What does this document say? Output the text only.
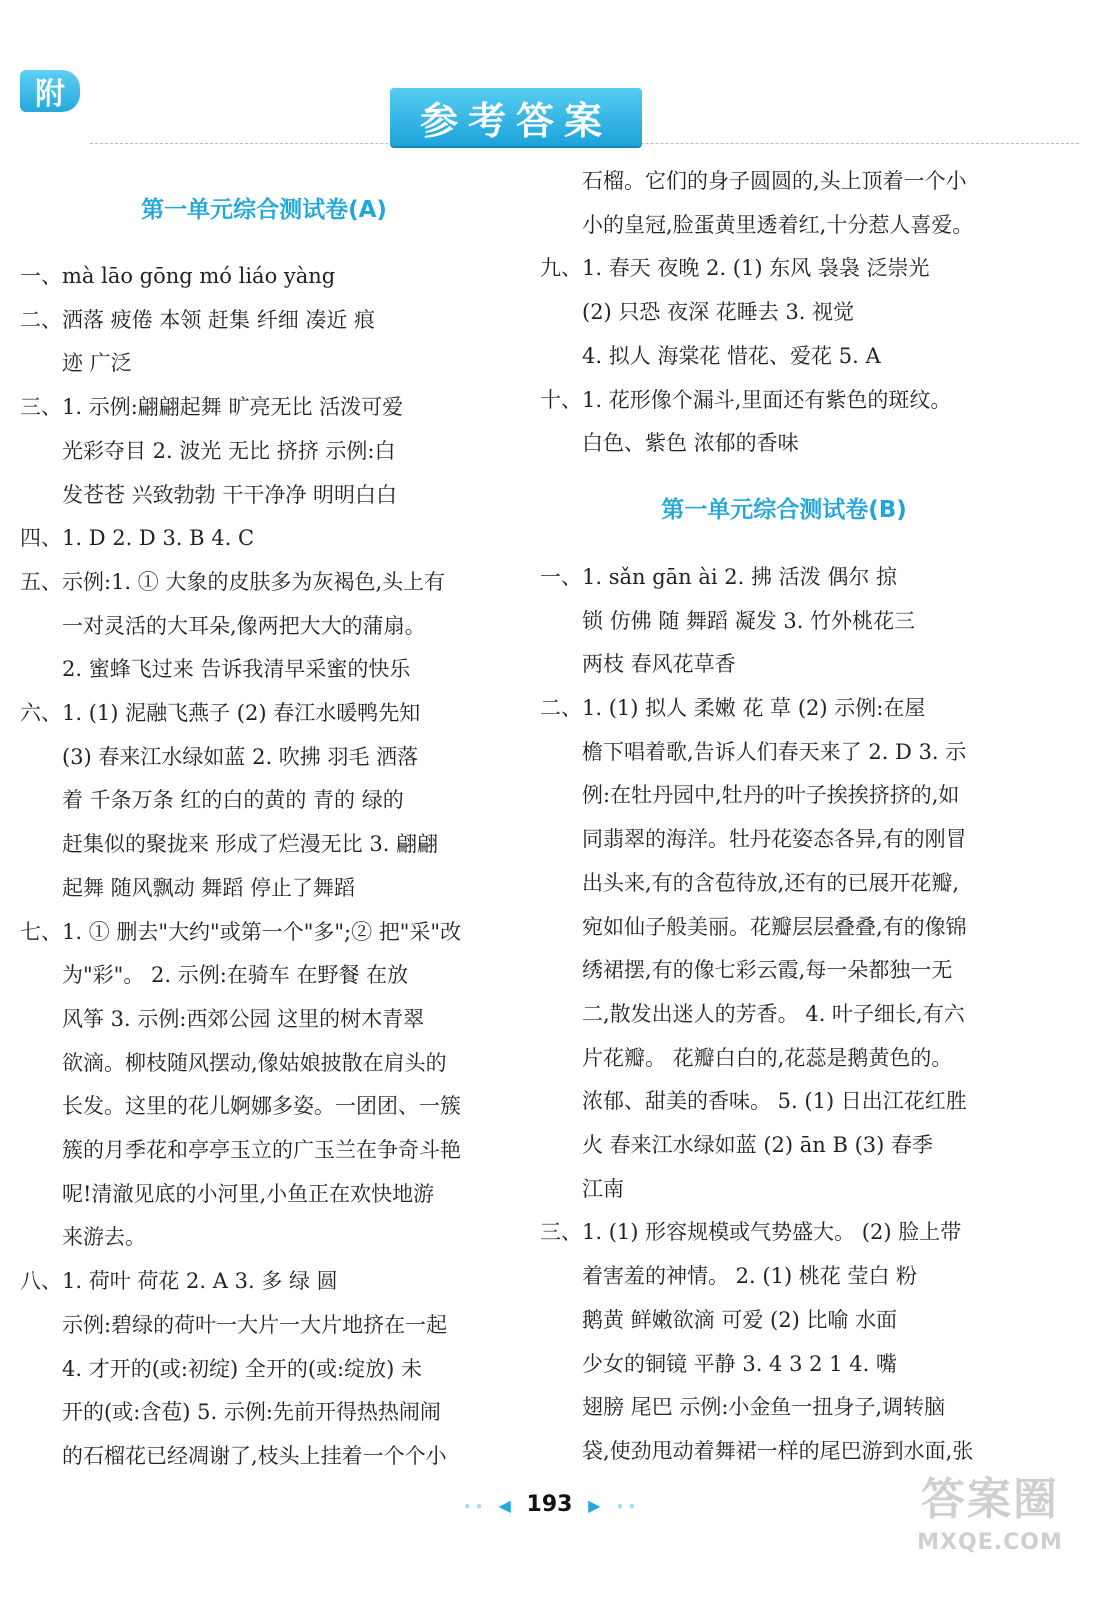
附
参考答案
第一单元综合测试卷(A)
一、mà lāo gōng mó liáo yàng
二、洒落 疲倦 本领 赶集 纤细 凑近 痕
迹 广泛
三、1. 示例:翩翩起舞 旷亮无比 活泼可爱
光彩夺目 2. 波光 无比 挤挤 示例:白
发苍苍 兴致勃勃 干干净净 明明白白
四、1. D 2. D 3. B 4. C
五、示例:1. ① 大象的皮肤多为灰褐色,头上有
一对灵活的大耳朵,像两把大大的蒲扇。
2. 蜜蜂飞过来 告诉我清早采蜜的快乐
六、1. (1) 泥融飞燕子 (2) 春江水暖鸭先知
(3) 春来江水绿如蓝 2. 吹拂 羽毛 洒落
着 千条万条 红的白的黄的 青的 绿的
赶集似的聚拢来 形成了烂漫无比 3. 翩翩
起舞 随风飘动 舞蹈 停止了舞蹈
七、1. ① 删去"大约"或第一个"多";② 把"采"改
为"彩"。 2. 示例:在骑车 在野餐 在放
风筝 3. 示例:西郊公园 这里的树木青翠
欲滴。柳枝随风摆动,像姑娘披散在肩头的
长发。这里的花儿婀娜多姿。一团团、一簇
簇的月季花和亭亭玉立的广玉兰在争奇斗艳
呢!清澈见底的小河里,小鱼正在欢快地游
来游去。
八、1. 荷叶 荷花 2. A 3. 多 绿 圆
示例:碧绿的荷叶一大片一大片地挤在一起
4. 才开的(或:初绽) 全开的(或:绽放) 未
开的(或:含苞) 5. 示例:先前开得热热闹闹
的石榴花已经凋谢了,枝头上挂着一个个小
石榴。它们的身子圆圆的,头上顶着一个小
小的皇冠,脸蛋黄里透着红,十分惹人喜爱。
九、1. 春天 夜晚 2. (1) 东风 袅袅 泛崇光
(2) 只恐 夜深 花睡去 3. 视觉
4. 拟人 海棠花 惜花、爱花 5. A
十、1. 花形像个漏斗,里面还有紫色的斑纹。
白色、紫色 浓郁的香味
第一单元综合测试卷(B)
一、1. sǎn gān ài 2. 拂 活泼 偶尔 掠
锁 仿佛 随 舞蹈 凝发 3. 竹外桃花三
两枝 春风花草香
二、1. (1) 拟人 柔嫩 花 草 (2) 示例:在屋
檐下唱着歌,告诉人们春天来了 2. D 3. 示
例:在牡丹园中,牡丹的叶子挨挨挤挤的,如
同翡翠的海洋。牡丹花姿态各异,有的刚冒
出头来,有的含苞待放,还有的已展开花瓣,
宛如仙子般美丽。花瓣层层叠叠,有的像锦
绣裙摆,有的像七彩云霞,每一朵都独一无
二,散发出迷人的芳香。 4. 叶子细长,有六
片花瓣。 花瓣白白的,花蕊是鹅黄色的。
浓郁、甜美的香味。 5. (1) 日出江花红胜
火 春来江水绿如蓝 (2) ān B (3) 春季
江南
三、1. (1) 形容规模或气势盛大。 (2) 脸上带
着害羞的神情。 2. (1) 桃花 莹白 粉
鹅黄 鲜嫩欲滴 可爱 (2) 比喻 水面
少女的铜镜 平静 3. 4 3 2 1 4. 嘴
翅膀 尾巴 示例:小金鱼一扭身子,调转脑
袋,使劲甩动着舞裙一样的尾巴游到水面,张
• • ◀ 193 ▶ • •	答案圈
MXQE.COM
